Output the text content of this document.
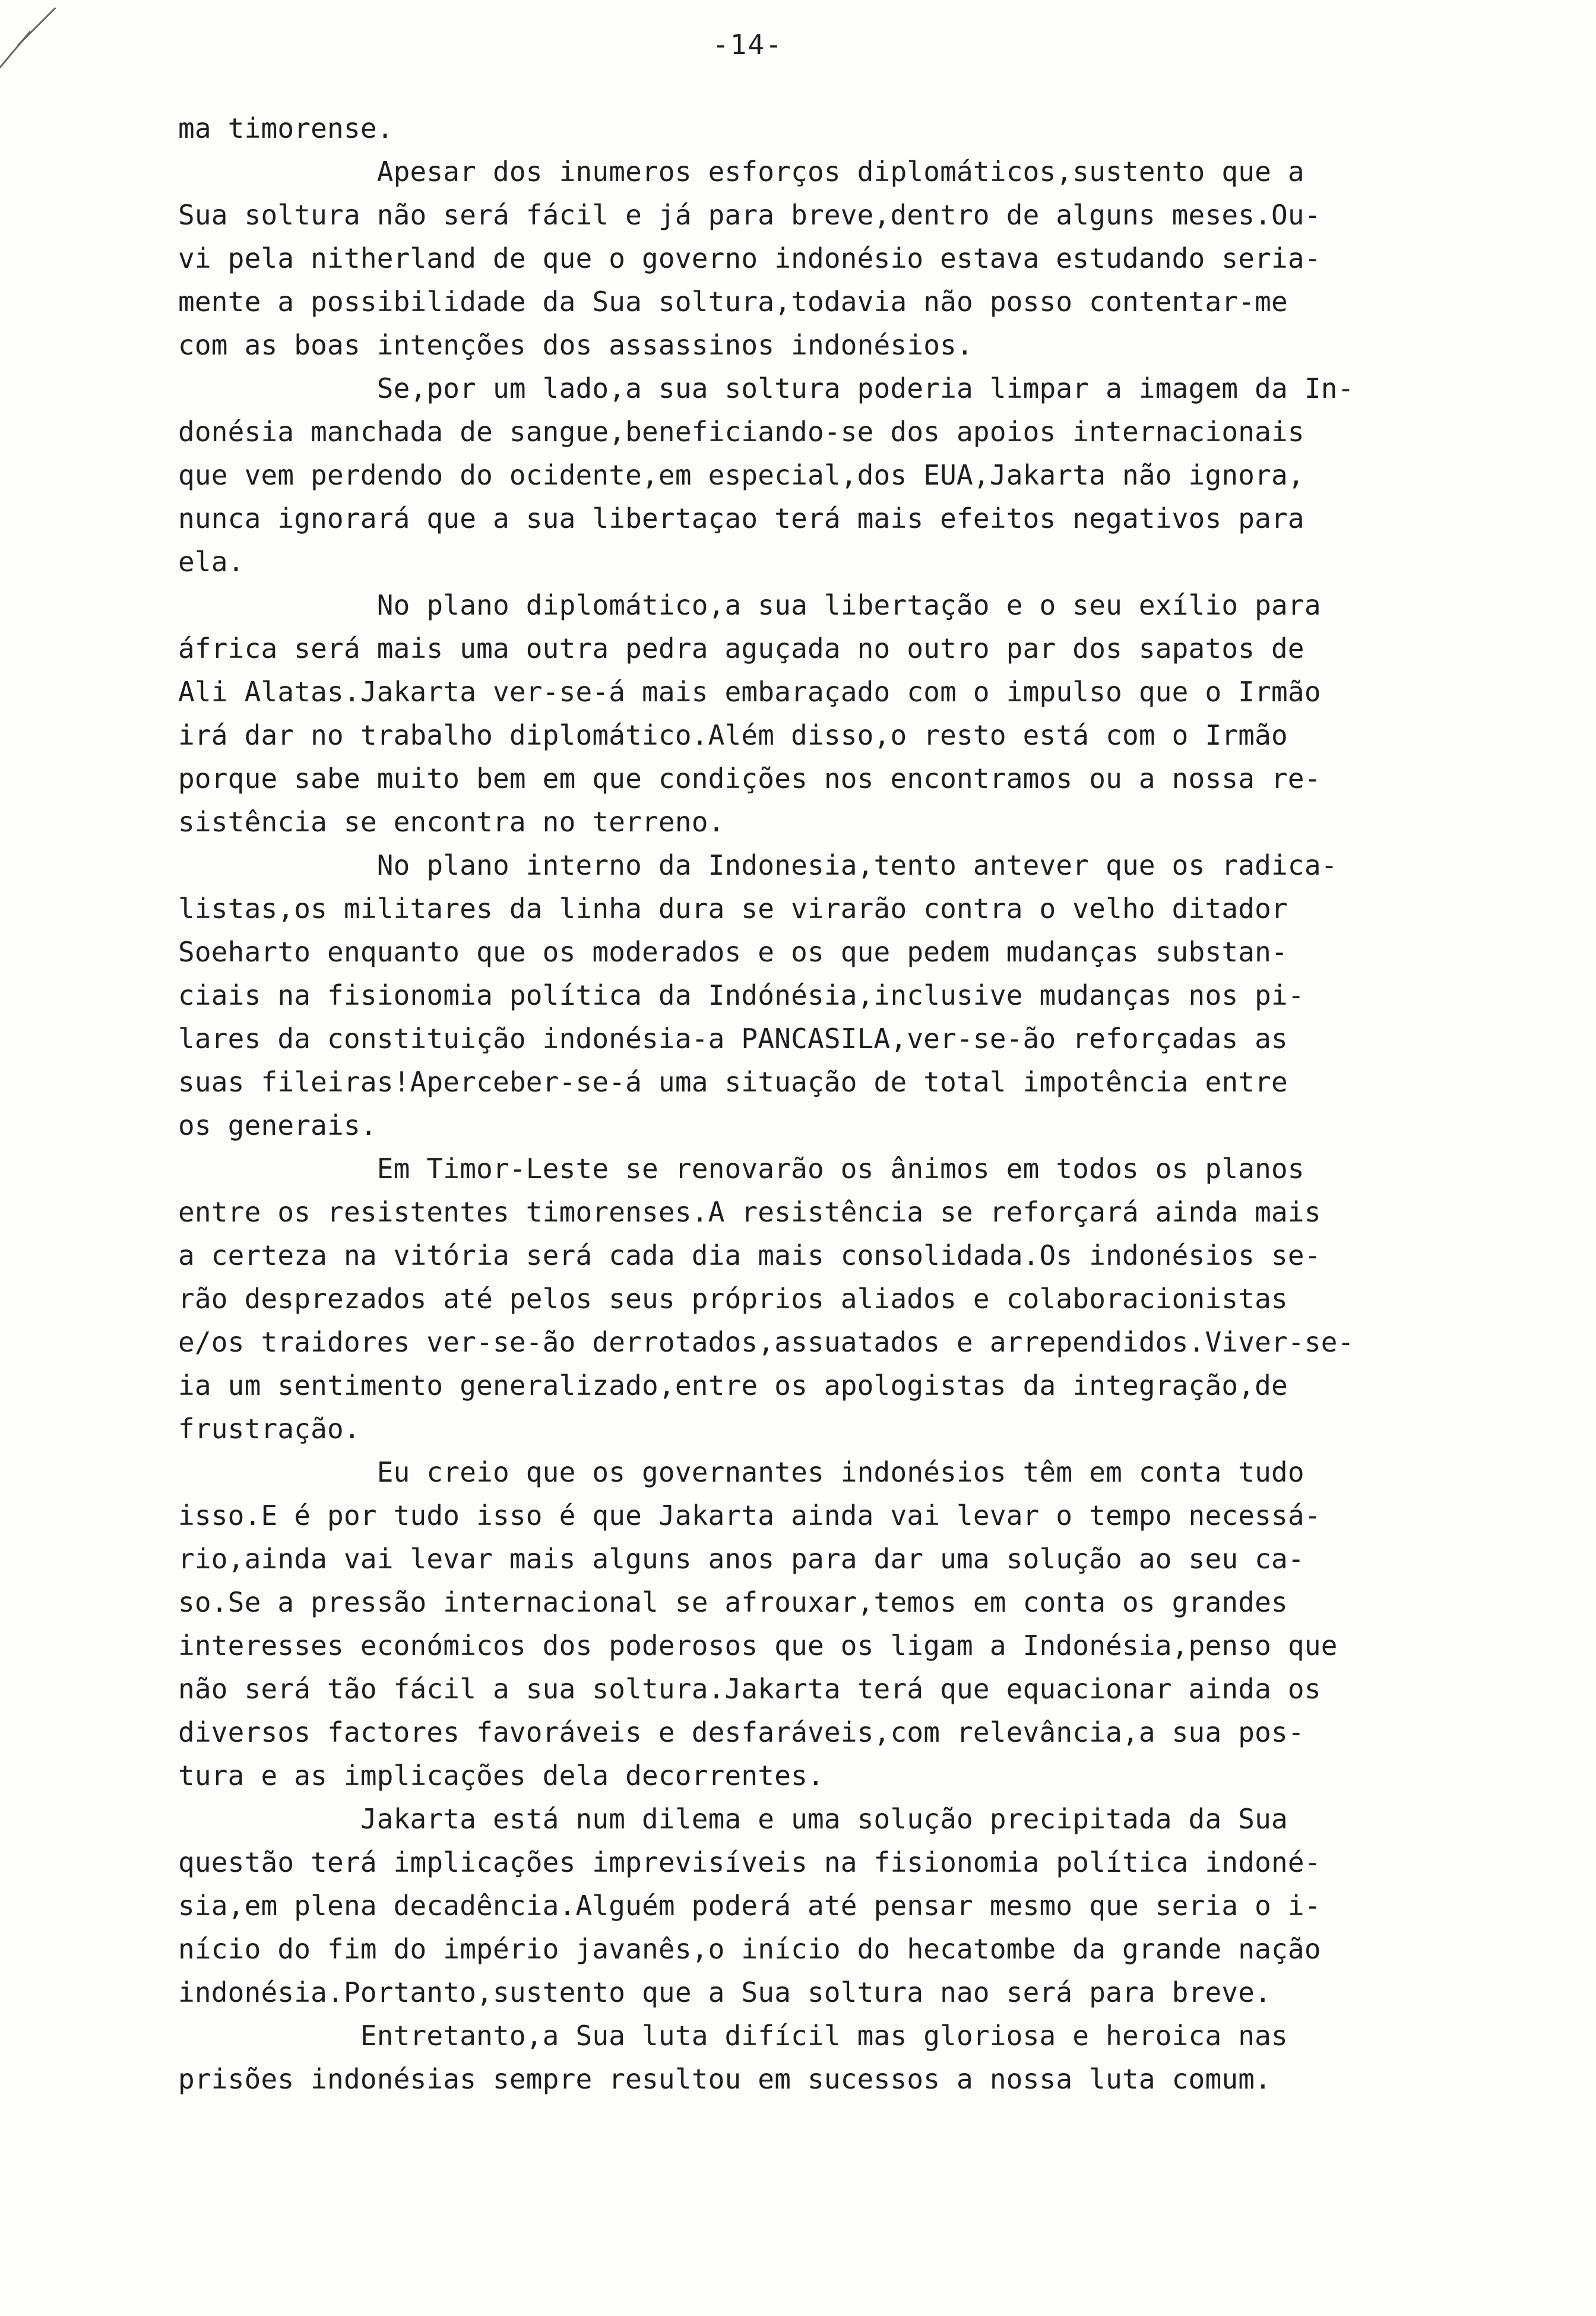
-14-
ma timorense.
Apesar dos inumeros esforços diplomáticos,sustento que a
Sua soltura não será fácil e já para breve,dentro de alguns meses.Ou-
vi pela nitherland de que o governo indonésio estava estudando seria-
mente a possibilidade da Sua soltura,todavia não posso contentar-me
com as boas intenções dos assassinos indonésios.
Se,por um lado,a sua soltura poderia limpar a imagem da In-
donésia manchada de sangue,beneficiando-se dos apoios internacionais
que vem perdendo do ocidente,em especial,dos EUA,Jakarta não ignora,
nunca ignorará que a sua libertaçao terá mais efeitos negativos para
ela.
No plano diplomático,a sua libertação e o seu exílio para
áfrica será mais uma outra pedra aguçada no outro par dos sapatos de
Ali Alatas.Jakarta ver-se-á mais embaraçado com o impulso que o Irmão
irá dar no trabalho diplomático.Além disso,o resto está com o Irmão
porque sabe muito bem em que condições nos encontramos ou a nossa re-
sistência se encontra no terreno.
No plano interno da Indonesia,tento antever que os radica-
listas,os militares da linha dura se virarão contra o velho ditador
Soeharto enquanto que os moderados e os que pedem mudanças substan-
ciais na fisionomia política da Indónésia,inclusive mudanças nos pi-
lares da constituição indonésia-a PANCASILA,ver-se-ão reforçadas as
suas fileiras!Aperceber-se-á uma situação de total impotência entre
os generais.
Em Timor-Leste se renovarão os ânimos em todos os planos
entre os resistentes timorenses.A resistência se reforçará ainda mais
a certeza na vitória será cada dia mais consolidada.Os indonésios se-
rão desprezados até pelos seus próprios aliados e colaboracionistas
e/os traidores ver-se-ão derrotados,assuatados e arrependidos.Viver-se-
ia um sentimento generalizado,entre os apologistas da integração,de
frustração.
Eu creio que os governantes indonésios têm em conta tudo
isso.E é por tudo isso é que Jakarta ainda vai levar o tempo necessá-
rio,ainda vai levar mais alguns anos para dar uma solução ao seu ca-
so.Se a pressão internacional se afrouxar,temos em conta os grandes
interesses económicos dos poderosos que os ligam a Indonésia,penso que
não será tão fácil a sua soltura.Jakarta terá que equacionar ainda os
diversos factores favoráveis e desfaráveis,com relevância,a sua pos-
tura e as implicações dela decorrentes.
Jakarta está num dilema e uma solução precipitada da Sua
questão terá implicações imprevisíveis na fisionomia política indoné-
sia,em plena decadência.Alguém poderá até pensar mesmo que seria o i-
nício do fim do império javanês,o início do hecatombe da grande nação
indonésia.Portanto,sustento que a Sua soltura nao será para breve.
Entretanto,a Sua luta difícil mas gloriosa e heroica nas
prisões indonésias sempre resultou em sucessos a nossa luta comum.
